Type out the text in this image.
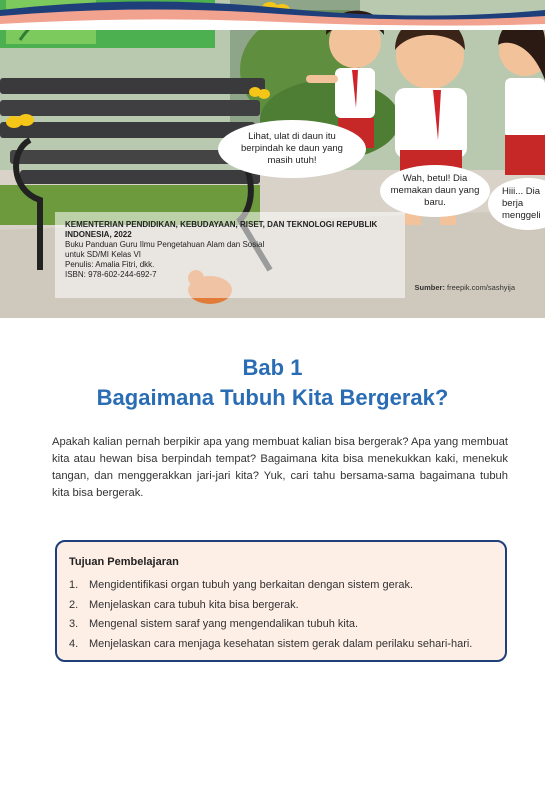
Lihat, ulat di daun itu berpindah ke daun yang masih utuh!
Wah, betul! Dia memakan daun yang baru.
Hiii... Dia berja menggeli
KEMENTERIAN PENDIDIKAN, KEBUDAYAAN, RISET, DAN TEKNOLOGI REPUBLIK INDONESIA, 2022
Buku Panduan Guru Ilmu Pengetahuan Alam dan Sosial
untuk SD/MI Kelas VI
Penulis: Amalia Fitri, dkk.
ISBN: 978-602-244-692-7
Sumber: freepik.com/sashyija
Bab 1
Bagaimana Tubuh Kita Bergerak?

Apakah kalian pernah berpikir apa yang membuat kalian bisa bergerak? Apa yang membuat kita atau hewan bisa berpindah tempat? Bagaimana kita bisa menekukkan kaki, menekuk tangan, dan menggerakkan jari-jari kita? Yuk, cari tahu bersama-sama bagaimana tubuh kita bisa bergerak.

Tujuan Pembelajaran

1. Mengidentifikasi organ tubuh yang berkaitan dengan sistem gerak.
2. Menjelaskan cara tubuh kita bisa bergerak.
3. Mengenal sistem saraf yang mengendalikan tubuh kita.
4. Menjelaskan cara menjaga kesehatan sistem gerak dalam perilaku sehari-hari.
